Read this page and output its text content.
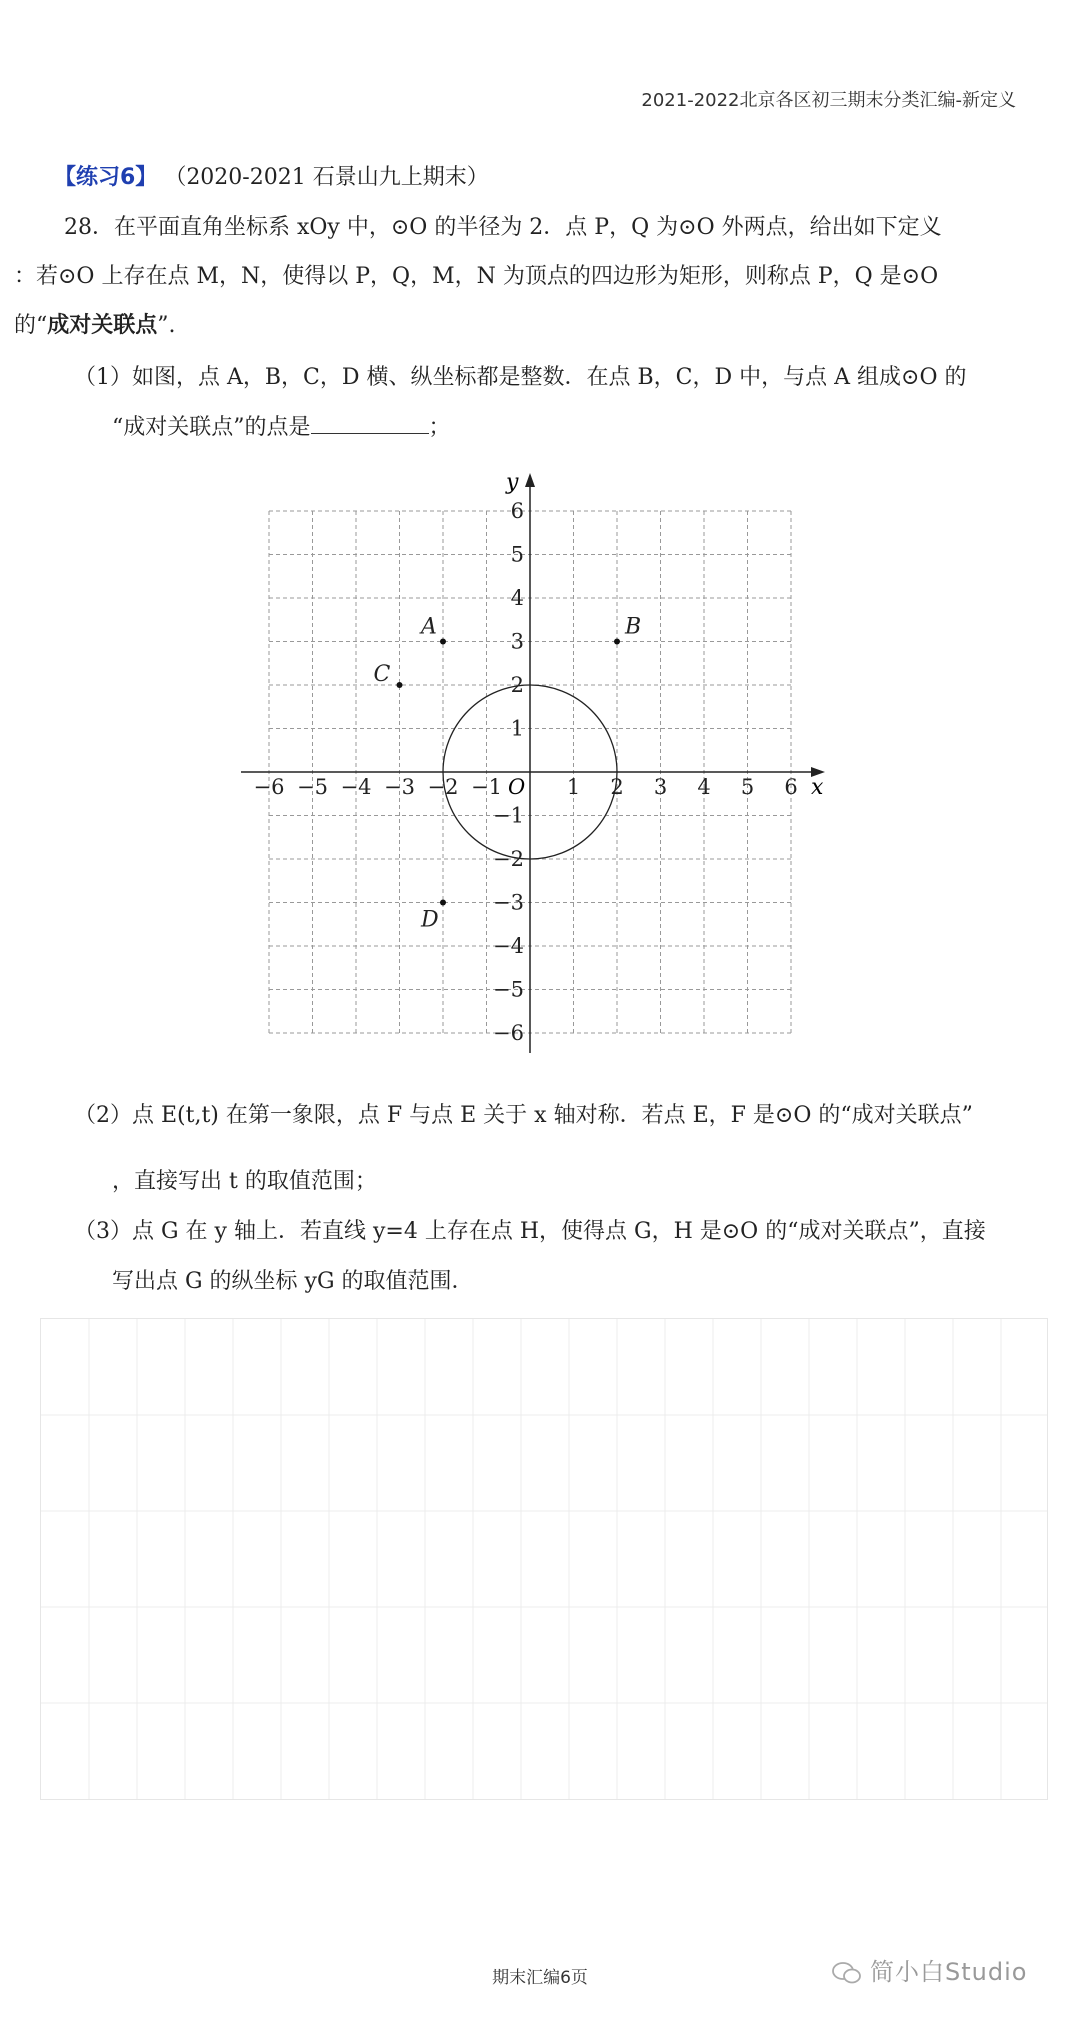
2021-2022北京各区初三期末分类汇编-新定义
【练习6】 （2020-2021 石景山九上期末）
28．在平面直角坐标系 xOy 中，⊙O 的半径为 2．点 P，Q 为⊙O 外两点，给出如下定义
：若⊙O 上存在点 M，N，使得以 P，Q，M，N 为顶点的四边形为矩形，则称点 P，Q 是⊙O
的“成对关联点”.
（1）如图，点 A，B，C，D 横、纵坐标都是整数．在点 B，C，D 中，与点 A 组成⊙O 的
“成对关联点”的点是	；
x
y
O
−6 −5 −4 −3 −2 −1	1 2 3 4 5 6
6
5
4
3
2
1
−1
−2
−3
−4
−5
−6
A	B
C
D
（2）点 E(t,t) 在第一象限，点 F 与点 E 关于 x 轴对称．若点 E，F 是⊙O 的“成对关联点”
，直接写出 t 的取值范围；
（3）点 G 在 y 轴上．若直线 y=4 上存在点 H，使得点 G，H 是⊙O 的“成对关联点”，直接
写出点 G 的纵坐标 yG 的取值范围．
期末汇编6页	简小白Studio
